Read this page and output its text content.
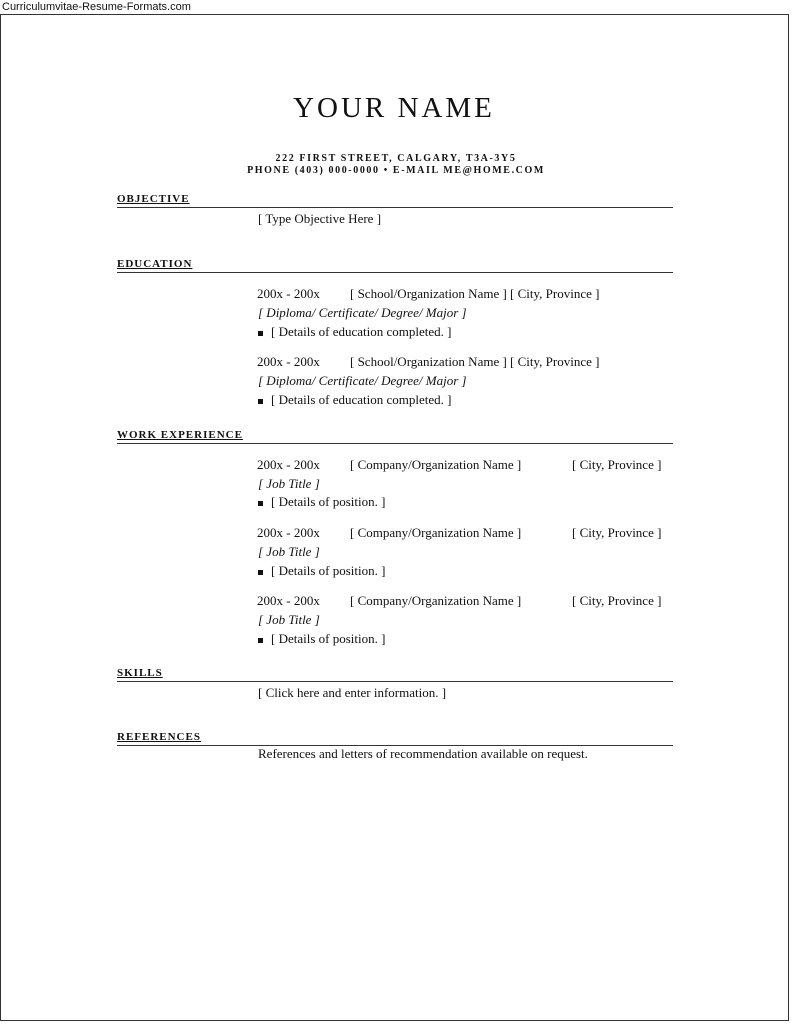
Curriculumvitae-Resume-Formats.com
YOUR NAME
222 FIRST STREET, CALGARY, T3A-3Y5
PHONE (403) 000-0000 • E-MAIL ME@HOME.COM
OBJECTIVE
[ Type Objective Here ]
EDUCATION
200x - 200x [ School/Organization Name ] [ City, Province ]
[ Diploma/ Certificate/ Degree/ Major ]
[ Details of education completed. ]
200x - 200x [ School/Organization Name ] [ City, Province ]
[ Diploma/ Certificate/ Degree/ Major ]
[ Details of education completed. ]
WORK EXPERIENCE
200x - 200x [ Company/Organization Name ]	[ City, Province ]
[ Job Title ]
[ Details of position. ]
200x - 200x [ Company/Organization Name ]	[ City, Province ]
[ Job Title ]
[ Details of position. ]
200x - 200x [ Company/Organization Name ]	[ City, Province ]
[ Job Title ]
[ Details of position. ]
SKILLS
[ Click here and enter information. ]
REFERENCES
References and letters of recommendation available on request.
